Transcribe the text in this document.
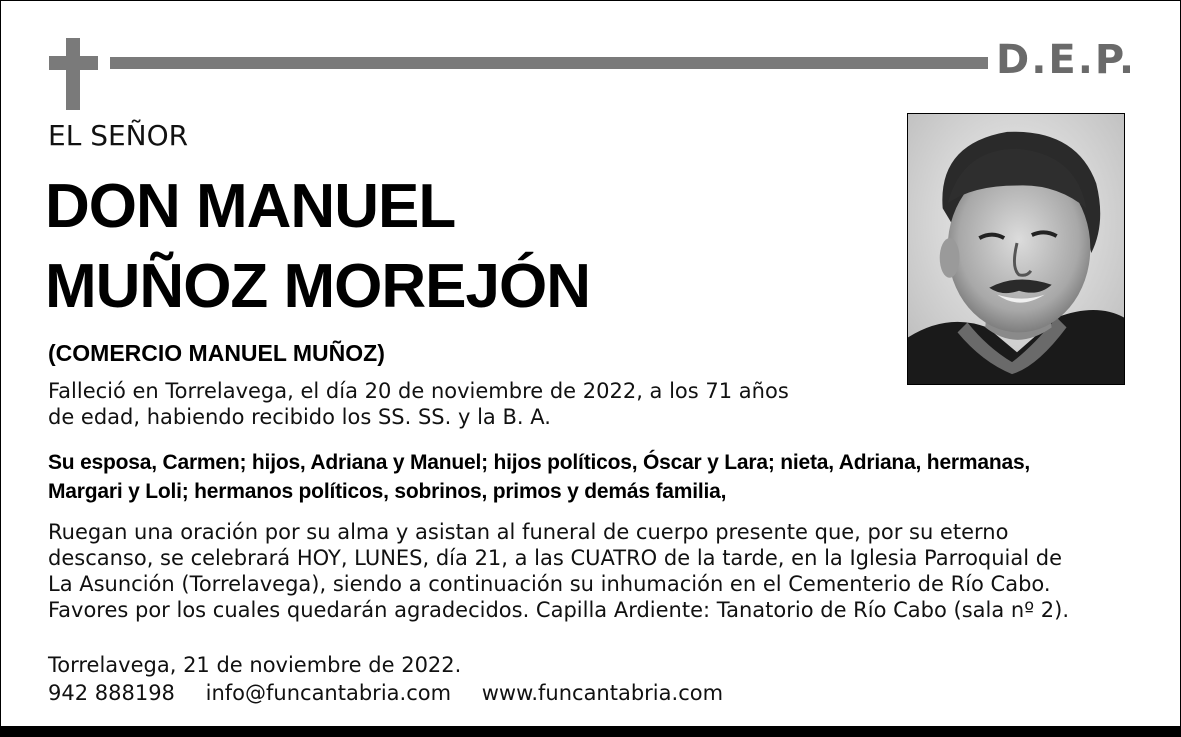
D.E.P.
EL SEÑOR
DON MANUEL
MUÑOZ MOREJÓN
(COMERCIO MANUEL MUÑOZ)
Falleció en Torrelavega, el día 20 de noviembre de 2022, a los 71 años
de edad, habiendo recibido los SS. SS. y la B. A.
Su esposa, Carmen; hijos, Adriana y Manuel; hijos políticos, Óscar y Lara; nieta, Adriana, hermanas,
Margari y Loli; hermanos políticos, sobrinos, primos y demás familia,
Ruegan una oración por su alma y asistan al funeral de cuerpo presente que, por su eterno
descanso, se celebrará HOY, LUNES, día 21, a las CUATRO de la tarde, en la Iglesia Parroquial de
La Asunción (Torrelavega), siendo a continuación su inhumación en el Cementerio de Río Cabo.
Favores por los cuales quedarán agradecidos. Capilla Ardiente: Tanatorio de Río Cabo (sala nº 2).
Torrelavega, 21 de noviembre de 2022.
942 888198 info@funcantabria.com www.funcantabria.com
